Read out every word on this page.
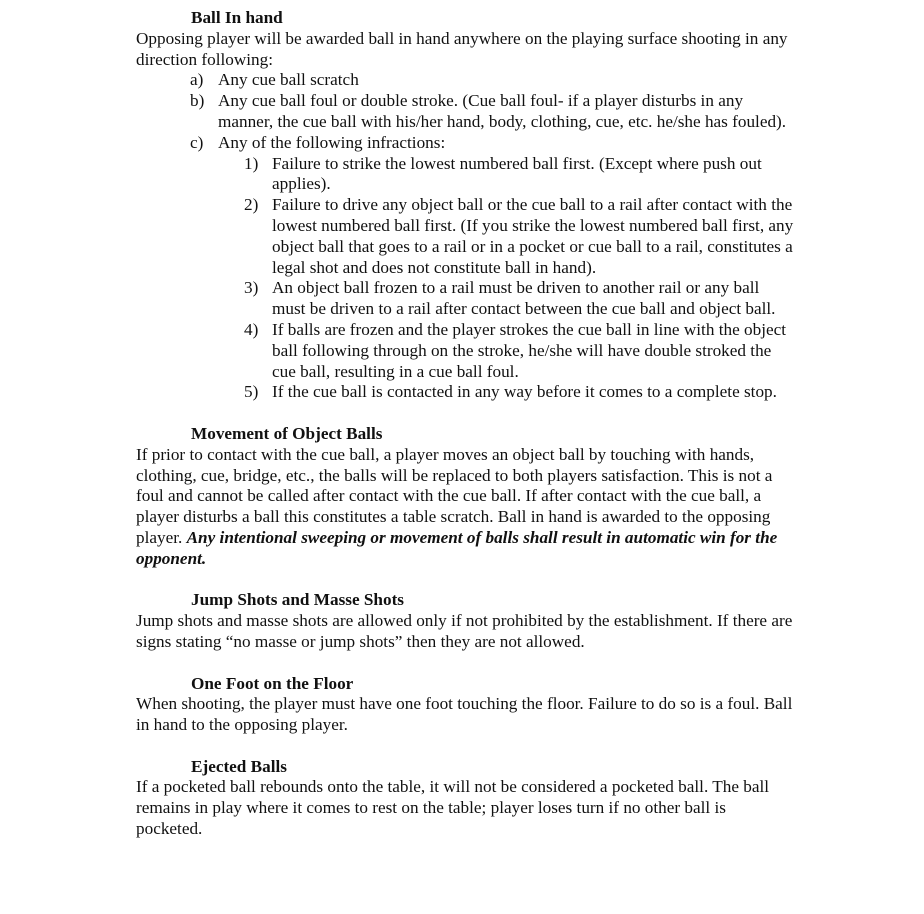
Ball In hand

Opposing player will be awarded ball in hand anywhere on the playing surface shooting in any direction following:

a) Any cue ball scratch
b) Any cue ball foul or double stroke. (Cue ball foul- if a player disturbs in any manner, the cue ball with his/her hand, body, clothing, cue, etc. he/she has fouled).
c) Any of the following infractions:
1) Failure to strike the lowest numbered ball first. (Except where push out applies).
2) Failure to drive any object ball or the cue ball to a rail after contact with the lowest numbered ball first. (If you strike the lowest numbered ball first, any object ball that goes to a rail or in a pocket or cue ball to a rail, constitutes a legal shot and does not constitute ball in hand).
3) An object ball frozen to a rail must be driven to another rail or any ball must be driven to a rail after contact between the cue ball and object ball.
4) If balls are frozen and the player strokes the cue ball in line with the object ball following through on the stroke, he/she will have double stroked the cue ball, resulting in a cue ball foul.
5) If the cue ball is contacted in any way before it comes to a complete stop.
Movement of Object Balls

If prior to contact with the cue ball, a player moves an object ball by touching with hands, clothing, cue, bridge, etc., the balls will be replaced to both players satisfaction. This is not a foul and cannot be called after contact with the cue ball. If after contact with the cue ball, a player disturbs a ball this constitutes a table scratch. Ball in hand is awarded to the opposing player. Any intentional sweeping or movement of balls shall result in automatic win for the opponent.

Jump Shots and Masse Shots

Jump shots and masse shots are allowed only if not prohibited by the establishment. If there are signs stating “no masse or jump shots” then they are not allowed.

One Foot on the Floor

When shooting, the player must have one foot touching the floor. Failure to do so is a foul. Ball in hand to the opposing player.

Ejected Balls

If a pocketed ball rebounds onto the table, it will not be considered a pocketed ball. The ball remains in play where it comes to rest on the table; player loses turn if no other ball is pocketed.
